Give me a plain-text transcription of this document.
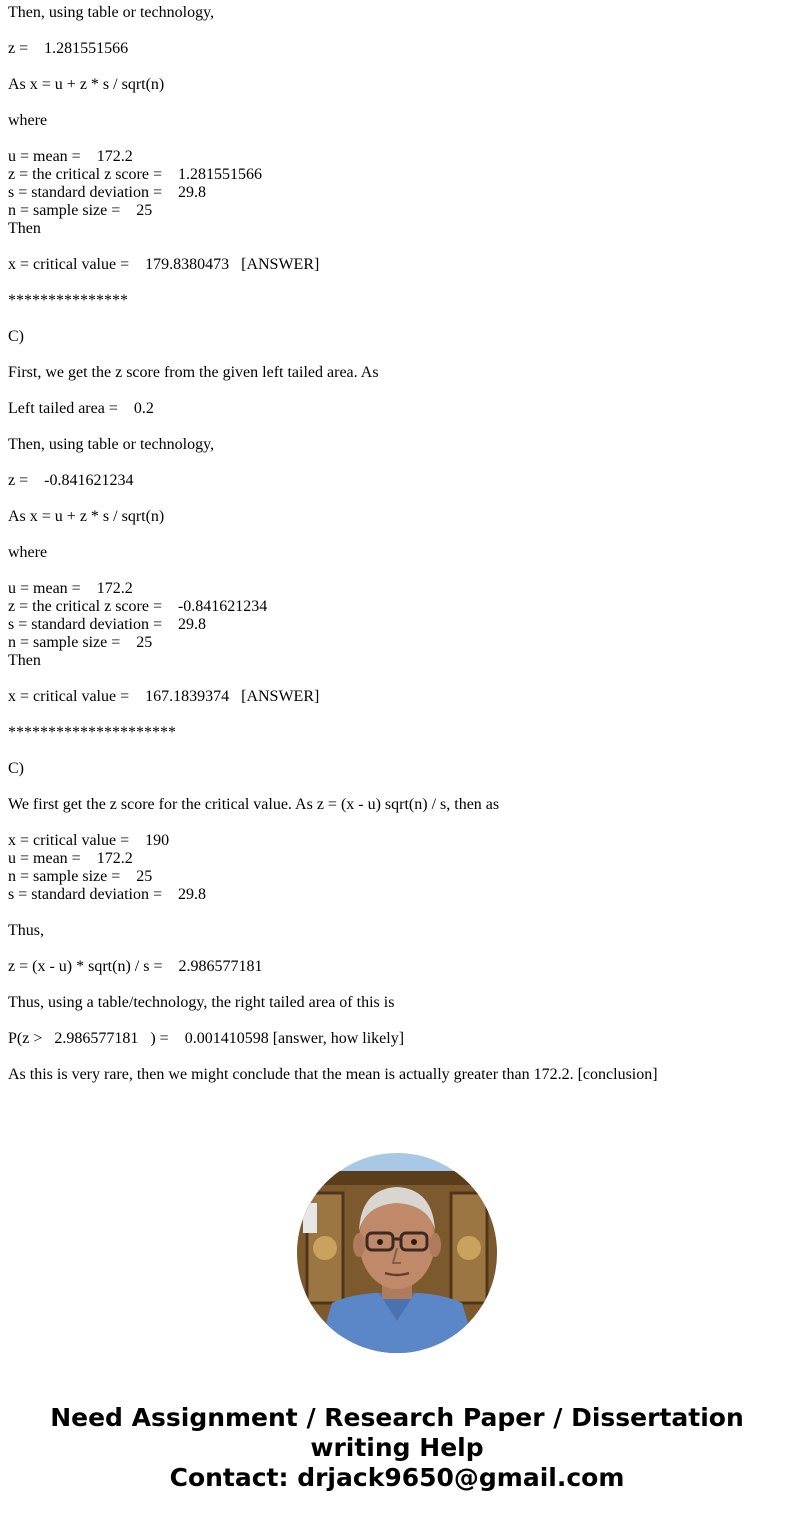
Then, using table or technology,

z =    1.281551566

As x = u + z * s / sqrt(n)

where

u = mean =    172.2
z = the critical z score =    1.281551566
s = standard deviation =    29.8
n = sample size =    25
Then

x = critical value =    179.8380473   [ANSWER]

***************

C)

First, we get the z score from the given left tailed area. As

Left tailed area =    0.2

Then, using table or technology,

z =    -0.841621234

As x = u + z * s / sqrt(n)

where

u = mean =    172.2
z = the critical z score =    -0.841621234
s = standard deviation =    29.8
n = sample size =    25
Then

x = critical value =    167.1839374   [ANSWER]

*********************

C)

We first get the z score for the critical value. As z = (x - u) sqrt(n) / s, then as

x = critical value =    190
u = mean =    172.2
n = sample size =    25
s = standard deviation =    29.8

Thus,

z = (x - u) * sqrt(n) / s =    2.986577181

Thus, using a table/technology, the right tailed area of this is

P(z >   2.986577181   ) =    0.001410598 [answer, how likely]

As this is very rare, then we might conclude that the mean is actually greater than 172.2. [conclusion]
Need Assignment / Research Paper / Dissertation
writing Help
Contact: drjack9650@gmail.com
